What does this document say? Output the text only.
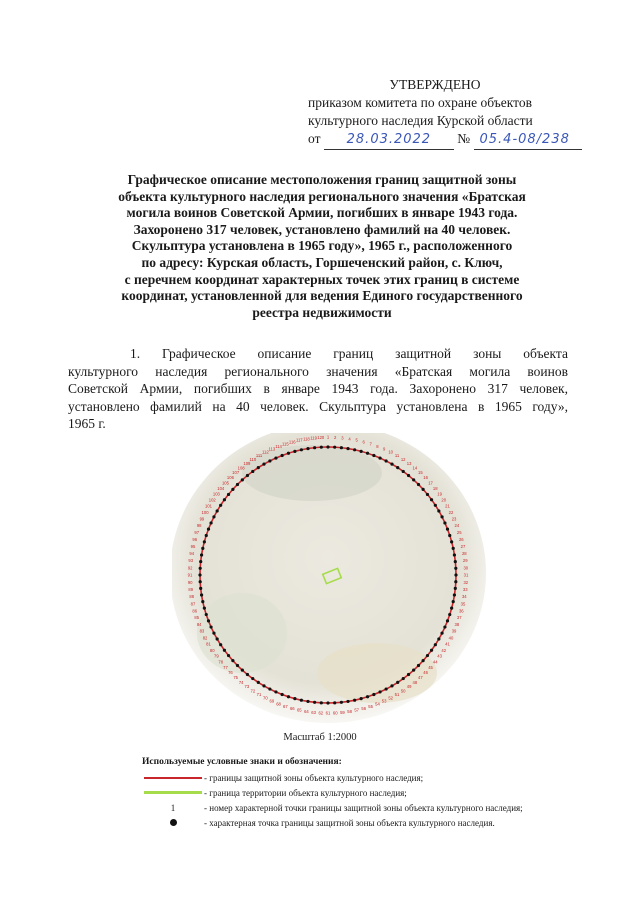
УТВЕРЖДЕНО
приказом комитета по охране объектов
культурного наследия Курской области
от 28.03.2022 № 05.4-08/238
Графическое описание местоположения границ защитной зоны
объекта культурного наследия регионального значения «Братская
могила воинов Советской Армии, погибших в январе 1943 года.
Захоронено 317 человек, установлено фамилий на 40 человек.
Скульптура установлена в 1965 году», 1965 г., расположенного
по адресу: Курская область, Горшеченский район, с. Ключ,
с перечнем координат характерных точек этих границ в системе
координат, установленной для ведения Единого государственного
реестра недвижимости
1. Графическое описание границ защитной зоны объекта
культурного наследия регионального значения «Братская могила воинов
Советской Армии, погибших в январе 1943 года. Захоронено 317 человек,
установлено фамилий на 40 человек. Скульптура установлена в 1965 году»,
1965 г.
1 2 3 4 5 6 7 8
9
10
11
12
13
14
15
16
17
18
19
20
21
22
23
24
25
26
27
28
29
30
31
32
33
34
35
36
37
38
39
40
41
42
43
44
45
46
47
48
49
50
51
52
53
54
55
56
57
58
59
60
61
62
63
64
65
66
67
68
69
70
71
72
73
74
75
76
77
78
79
80
81
82
83
84
85
86
87
88
89
90
91
92
93
94
95
96
97
98
99
100
101
102
103
104
105
106
107
108
109
110
111
112
113
114 115 116 117 118 119 120
Масштаб 1:2000
Используемые условные знаки и обозначения:
- границы защитной зоны объекта культурного наследия;
- граница территории объекта культурного наследия;
1	- номер характерной точки границы защитной зоны объекта культурного наследия;
- характерная точка границы защитной зоны объекта культурного наследия.
